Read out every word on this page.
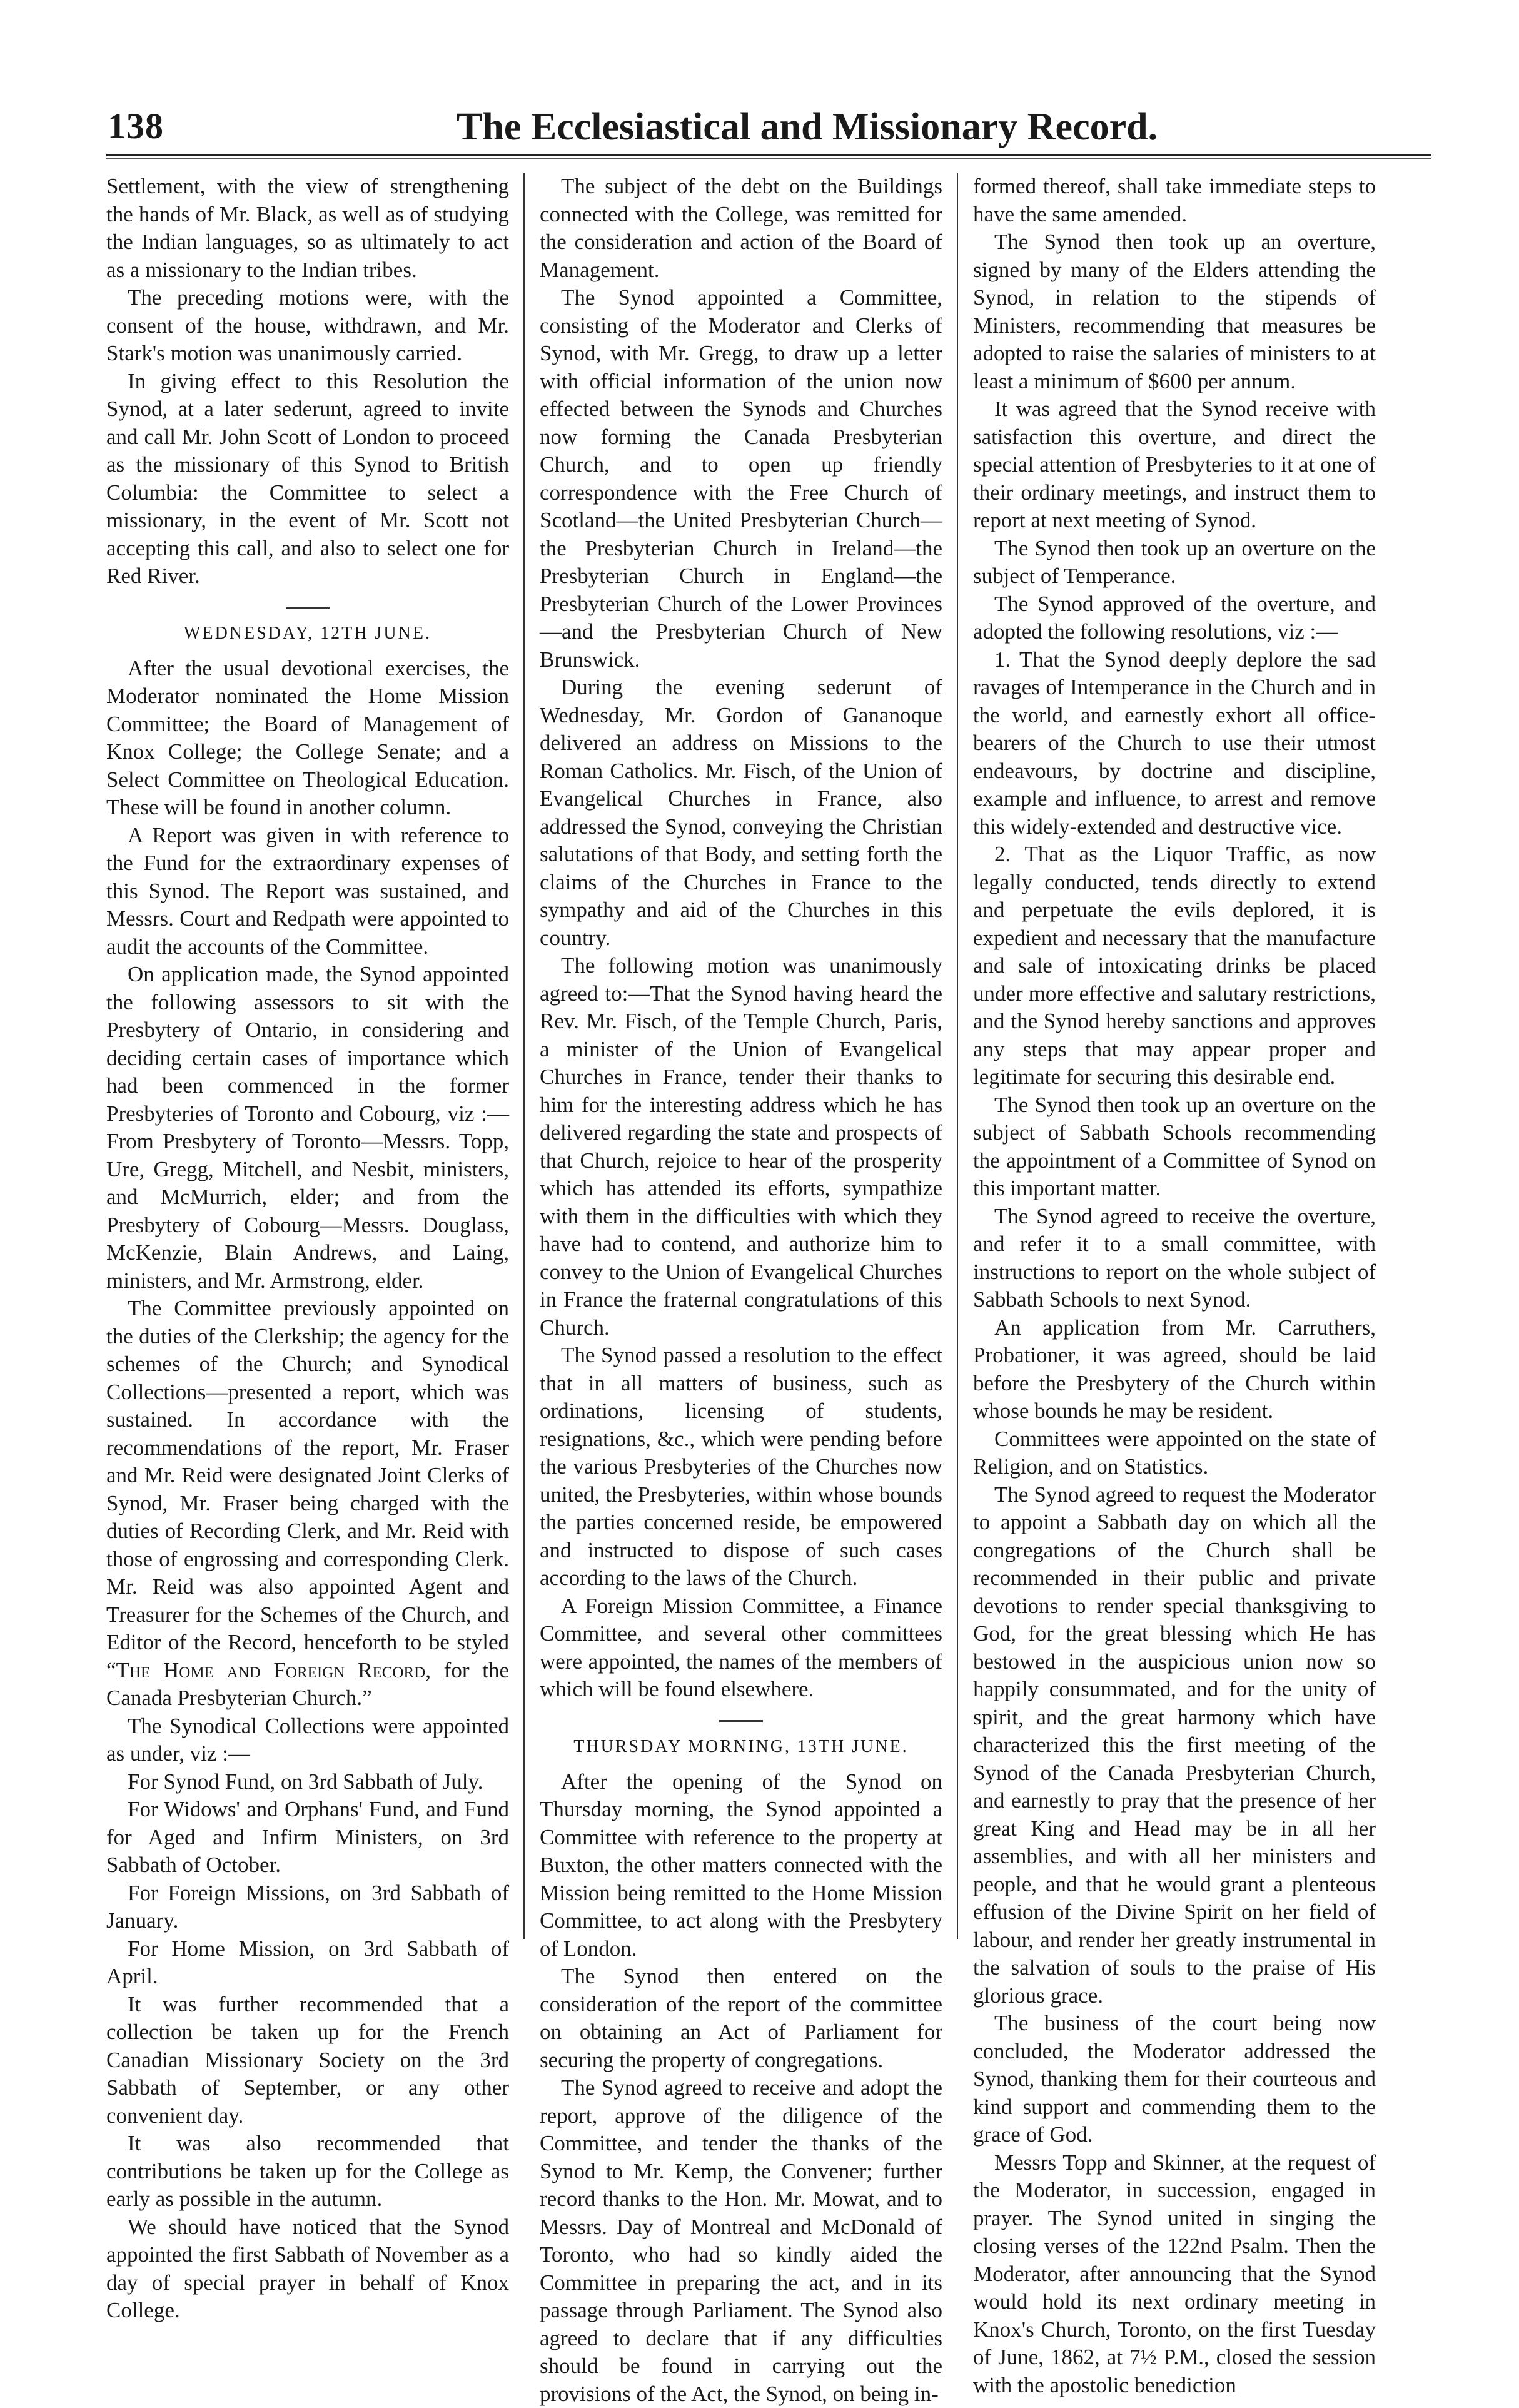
138	The Ecclesiastical and Missionary Record.

Settlement, with the view of strengthening the hands of Mr. Black, as well as of studying the Indian languages, so as ultimately to act as a missionary to the Indian tribes.

The preceding motions were, with the consent of the house, withdrawn, and Mr. Stark's motion was unanimously carried.

In giving effect to this Resolution the Synod, at a later sederunt, agreed to invite and call Mr. John Scott of London to proceed as the missionary of this Synod to British Columbia: the Committee to select a missionary, in the event of Mr. Scott not accepting this call, and also to select one for Red River.

WEDNESDAY, 12TH JUNE.

After the usual devotional exercises, the Moderator nominated the Home Mission Committee; the Board of Management of Knox College; the College Senate; and a Select Committee on Theological Education. These will be found in another column.

A Report was given in with reference to the Fund for the extraordinary expenses of this Synod. The Report was sustained, and Messrs. Court and Redpath were appointed to audit the accounts of the Committee.

On application made, the Synod appointed the following assessors to sit with the Presbytery of Ontario, in considering and deciding certain cases of importance which had been commenced in the former Presbyteries of Toronto and Cobourg, viz :—From Presbytery of Toronto—Messrs. Topp, Ure, Gregg, Mitchell, and Nesbit, ministers, and McMurrich, elder; and from the Presbytery of Cobourg—Messrs. Douglass, McKenzie, Blain Andrews, and Laing, ministers, and Mr. Armstrong, elder.

The Committee previously appointed on the duties of the Clerkship; the agency for the schemes of the Church; and Synodical Collections—presented a report, which was sustained. In accordance with the recommendations of the report, Mr. Fraser and Mr. Reid were designated Joint Clerks of Synod, Mr. Fraser being charged with the duties of Recording Clerk, and Mr. Reid with those of engrossing and corresponding Clerk. Mr. Reid was also appointed Agent and Treasurer for the Schemes of the Church, and Editor of the Record, henceforth to be styled “The Home and Foreign Record, for the Canada Presbyterian Church.”

The Synodical Collections were appointed as under, viz :—

For Synod Fund, on 3rd Sabbath of July.

For Widows' and Orphans' Fund, and Fund for Aged and Infirm Ministers, on 3rd Sabbath of October.

For Foreign Missions, on 3rd Sabbath of January.

For Home Mission, on 3rd Sabbath of April.

It was further recommended that a collection be taken up for the French Canadian Missionary Society on the 3rd Sabbath of September, or any other convenient day.

It was also recommended that contributions be taken up for the College as early as possible in the autumn.

We should have noticed that the Synod appointed the first Sabbath of November as a day of special prayer in behalf of Knox College.

The subject of the debt on the Buildings connected with the College, was remitted for the consideration and action of the Board of Management.

The Synod appointed a Committee, consisting of the Moderator and Clerks of Synod, with Mr. Gregg, to draw up a letter with official information of the union now effected between the Synods and Churches now forming the Canada Presbyterian Church, and to open up friendly correspondence with the Free Church of Scotland—the United Presbyterian Church—the Presbyterian Church in Ireland—the Presbyterian Church in England—the Presbyterian Church of the Lower Provinces—and the Presbyterian Church of New Brunswick.

During the evening sederunt of Wednesday, Mr. Gordon of Gananoque delivered an address on Missions to the Roman Catholics. Mr. Fisch, of the Union of Evangelical Churches in France, also addressed the Synod, conveying the Christian salutations of that Body, and setting forth the claims of the Churches in France to the sympathy and aid of the Churches in this country.

The following motion was unanimously agreed to:—That the Synod having heard the Rev. Mr. Fisch, of the Temple Church, Paris, a minister of the Union of Evangelical Churches in France, tender their thanks to him for the interesting address which he has delivered regarding the state and prospects of that Church, rejoice to hear of the prosperity which has attended its efforts, sympathize with them in the difficulties with which they have had to contend, and authorize him to convey to the Union of Evangelical Churches in France the fraternal congratulations of this Church.

The Synod passed a resolution to the effect that in all matters of business, such as ordinations, licensing of students, resignations, &c., which were pending before the various Presbyteries of the Churches now united, the Presbyteries, within whose bounds the parties concerned reside, be empowered and instructed to dispose of such cases according to the laws of the Church.

A Foreign Mission Committee, a Finance Committee, and several other committees were appointed, the names of the members of which will be found elsewhere.

THURSDAY MORNING, 13TH JUNE.

After the opening of the Synod on Thursday morning, the Synod appointed a Committee with reference to the property at Buxton, the other matters connected with the Mission being remitted to the Home Mission Committee, to act along with the Presbytery of London.

The Synod then entered on the consideration of the report of the committee on obtaining an Act of Parliament for securing the property of congregations.

The Synod agreed to receive and adopt the report, approve of the diligence of the Committee, and tender the thanks of the Synod to Mr. Kemp, the Convener; further record thanks to the Hon. Mr. Mowat, and to Messrs. Day of Montreal and McDonald of Toronto, who had so kindly aided the Committee in preparing the act, and in its passage through Parliament. The Synod also agreed to declare that if any difficulties should be found in carrying out the provisions of the Act, the Synod, on being in-

formed thereof, shall take immediate steps to have the same amended.

The Synod then took up an overture, signed by many of the Elders attending the Synod, in relation to the stipends of Ministers, recommending that measures be adopted to raise the salaries of ministers to at least a minimum of $600 per annum.

It was agreed that the Synod receive with satisfaction this overture, and direct the special attention of Presbyteries to it at one of their ordinary meetings, and instruct them to report at next meeting of Synod.

The Synod then took up an overture on the subject of Temperance.

The Synod approved of the overture, and adopted the following resolutions, viz :—

1. That the Synod deeply deplore the sad ravages of Intemperance in the Church and in the world, and earnestly exhort all office-bearers of the Church to use their utmost endeavours, by doctrine and discipline, example and influence, to arrest and remove this widely-extended and destructive vice.

2. That as the Liquor Traffic, as now legally conducted, tends directly to extend and perpetuate the evils deplored, it is expedient and necessary that the manufacture and sale of intoxicating drinks be placed under more effective and salutary restrictions, and the Synod hereby sanctions and approves any steps that may appear proper and legitimate for securing this desirable end.

The Synod then took up an overture on the subject of Sabbath Schools recommending the appointment of a Committee of Synod on this important matter.

The Synod agreed to receive the overture, and refer it to a small committee, with instructions to report on the whole subject of Sabbath Schools to next Synod.

An application from Mr. Carruthers, Probationer, it was agreed, should be laid before the Presbytery of the Church within whose bounds he may be resident.

Committees were appointed on the state of Religion, and on Statistics.

The Synod agreed to request the Moderator to appoint a Sabbath day on which all the congregations of the Church shall be recommended in their public and private devotions to render special thanksgiving to God, for the great blessing which He has bestowed in the auspicious union now so happily consummated, and for the unity of spirit, and the great harmony which have characterized this the first meeting of the Synod of the Canada Presbyterian Church, and earnestly to pray that the presence of her great King and Head may be in all her assemblies, and with all her ministers and people, and that he would grant a plenteous effusion of the Divine Spirit on her field of labour, and render her greatly instrumental in the salvation of souls to the praise of His glorious grace.

The business of the court being now concluded, the Moderator addressed the Synod, thanking them for their courteous and kind support and commending them to the grace of God.

Messrs Topp and Skinner, at the request of the Moderator, in succession, engaged in prayer. The Synod united in singing the closing verses of the 122nd Psalm. Then the Moderator, after announcing that the Synod would hold its next ordinary meeting in Knox's Church, Toronto, on the first Tuesday of June, 1862, at 7½ P.M., closed the session with the apostolic benediction
